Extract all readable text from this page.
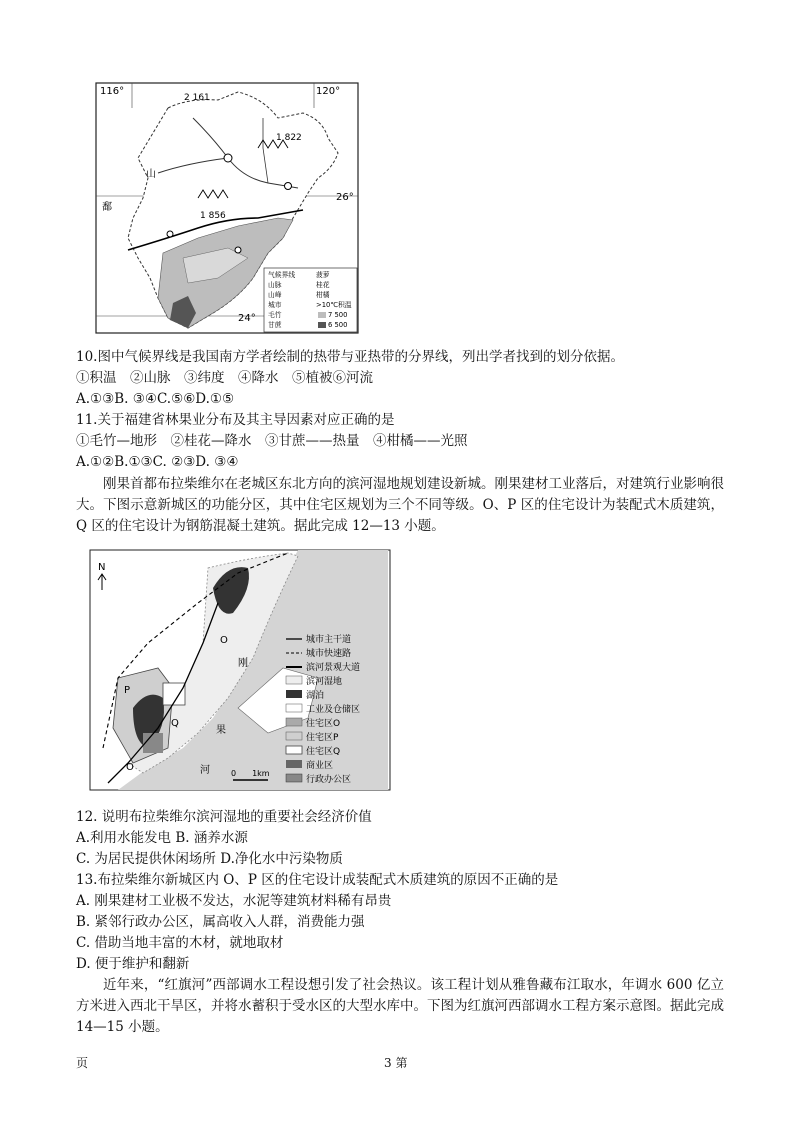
116°	120°
26°
24°
2 161
1 822
1 856
山
鄱
气候界线	菠萝
山脉	桂花
山峰	柑橘
城市	>10℃积温
毛竹	7 500
甘蔗	6 500
10.图中气候界线是我国南方学者绘制的热带与亚热带的分界线，列出学者找到的划分依据。
①积温　②山脉　③纬度　④降水　⑤植被⑥河流
A.①③B. ③④C.⑤⑥D.①⑤
11.关于福建省林果业分布及其主导因素对应正确的是
①毛竹—地形　②桂花—降水　③甘蔗——热量　④柑橘——光照
A.①②B.①③C. ②③D. ③④
刚果首都布拉柴维尔在老城区东北方向的滨河湿地规划建设新城。刚果建材工业落后，对建筑行业影响很大。下图示意新城区的功能分区，其中住宅区规划为三个不同等级。O、P 区的住宅设计为装配式木质建筑，Q 区的住宅设计为钢筋混凝土建筑。据此完成 12—13 小题。
N
O
刚
P
Q
果
O	河	0　　1km
城市主干道
城市快速路
滨河景观大道
滨河湿地
湖泊
工业及仓储区
住宅区O
住宅区P
住宅区Q
商业区
行政办公区
12. 说明布拉柴维尔滨河湿地的重要社会经济价值
A.利用水能发电 B. 涵养水源
C. 为居民提供休闲场所 D.净化水中污染物质
13.布拉柴维尔新城区内 O、P 区的住宅设计成装配式木质建筑的原因不正确的是
A. 刚果建材工业极不发达，水泥等建筑材料稀有昂贵
B. 紧邻行政办公区，属高收入人群，消费能力强
C. 借助当地丰富的木材，就地取材
D. 便于维护和翻新
近年来，“红旗河”西部调水工程设想引发了社会热议。该工程计划从雅鲁藏布江取水，年调水 600 亿立方米进入西北干旱区，并将水蓄积于受水区的大型水库中。下图为红旗河西部调水工程方案示意图。据此完成 14—15 小题。
页	3 第
